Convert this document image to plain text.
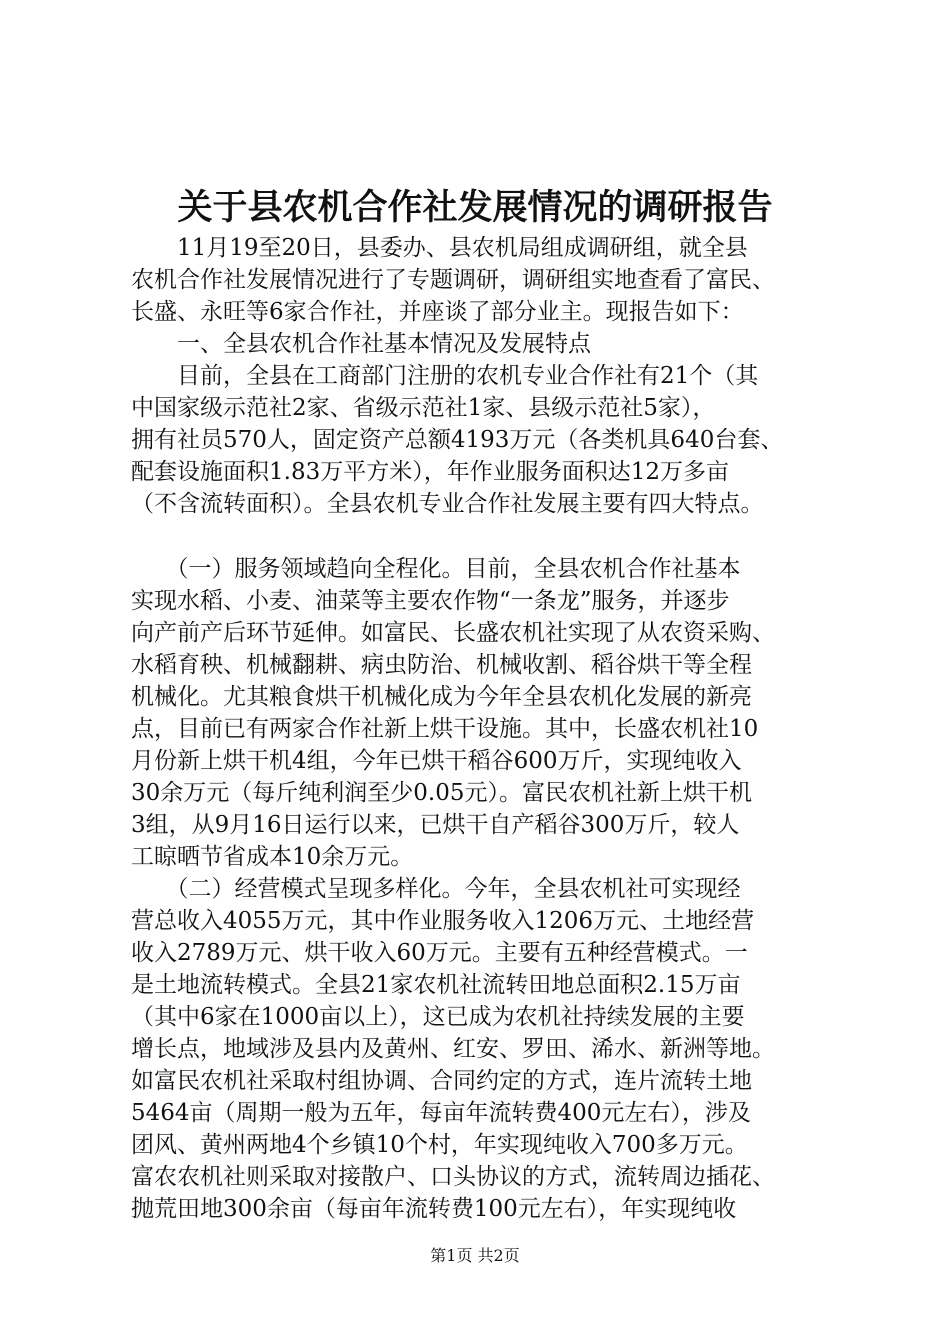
关于县农机合作社发展情况的调研报告
　　11月19至20日，县委办、县农机局组成调研组，就全县
农机合作社发展情况进行了专题调研，调研组实地查看了富民、
长盛、永旺等6家合作社，并座谈了部分业主。现报告如下：
　　一、全县农机合作社基本情况及发展特点
　　目前，全县在工商部门注册的农机专业合作社有21个（其
中国家级示范社2家、省级示范社1家、县级示范社5家），
拥有社员570人，固定资产总额4193万元（各类机具640台套、
配套设施面积1.83万平方米），年作业服务面积达12万多亩
（不含流转面积）。全县农机专业合作社发展主要有四大特点。
　　（一）服务领域趋向全程化。目前，全县农机合作社基本
实现水稻、小麦、油菜等主要农作物“一条龙”服务，并逐步
向产前产后环节延伸。如富民、长盛农机社实现了从农资采购、
水稻育秧、机械翻耕、病虫防治、机械收割、稻谷烘干等全程
机械化。尤其粮食烘干机械化成为今年全县农机化发展的新亮
点，目前已有两家合作社新上烘干设施。其中，长盛农机社10
月份新上烘干机4组，今年已烘干稻谷600万斤，实现纯收入
30余万元（每斤纯利润至少0.05元）。富民农机社新上烘干机
3组，从9月16日运行以来，已烘干自产稻谷300万斤，较人
工晾晒节省成本10余万元。
　　（二）经营模式呈现多样化。今年，全县农机社可实现经
营总收入4055万元，其中作业服务收入1206万元、土地经营
收入2789万元、烘干收入60万元。主要有五种经营模式。一
是土地流转模式。全县21家农机社流转田地总面积2.15万亩
（其中6家在1000亩以上），这已成为农机社持续发展的主要
增长点，地域涉及县内及黄州、红安、罗田、浠水、新洲等地。
如富民农机社采取村组协调、合同约定的方式，连片流转土地
5464亩（周期一般为五年，每亩年流转费400元左右），涉及
团风、黄州两地4个乡镇10个村，年实现纯收入700多万元。
富农农机社则采取对接散户、口头协议的方式，流转周边插花、
抛荒田地300余亩（每亩年流转费100元左右），年实现纯收
第1页 共2页
